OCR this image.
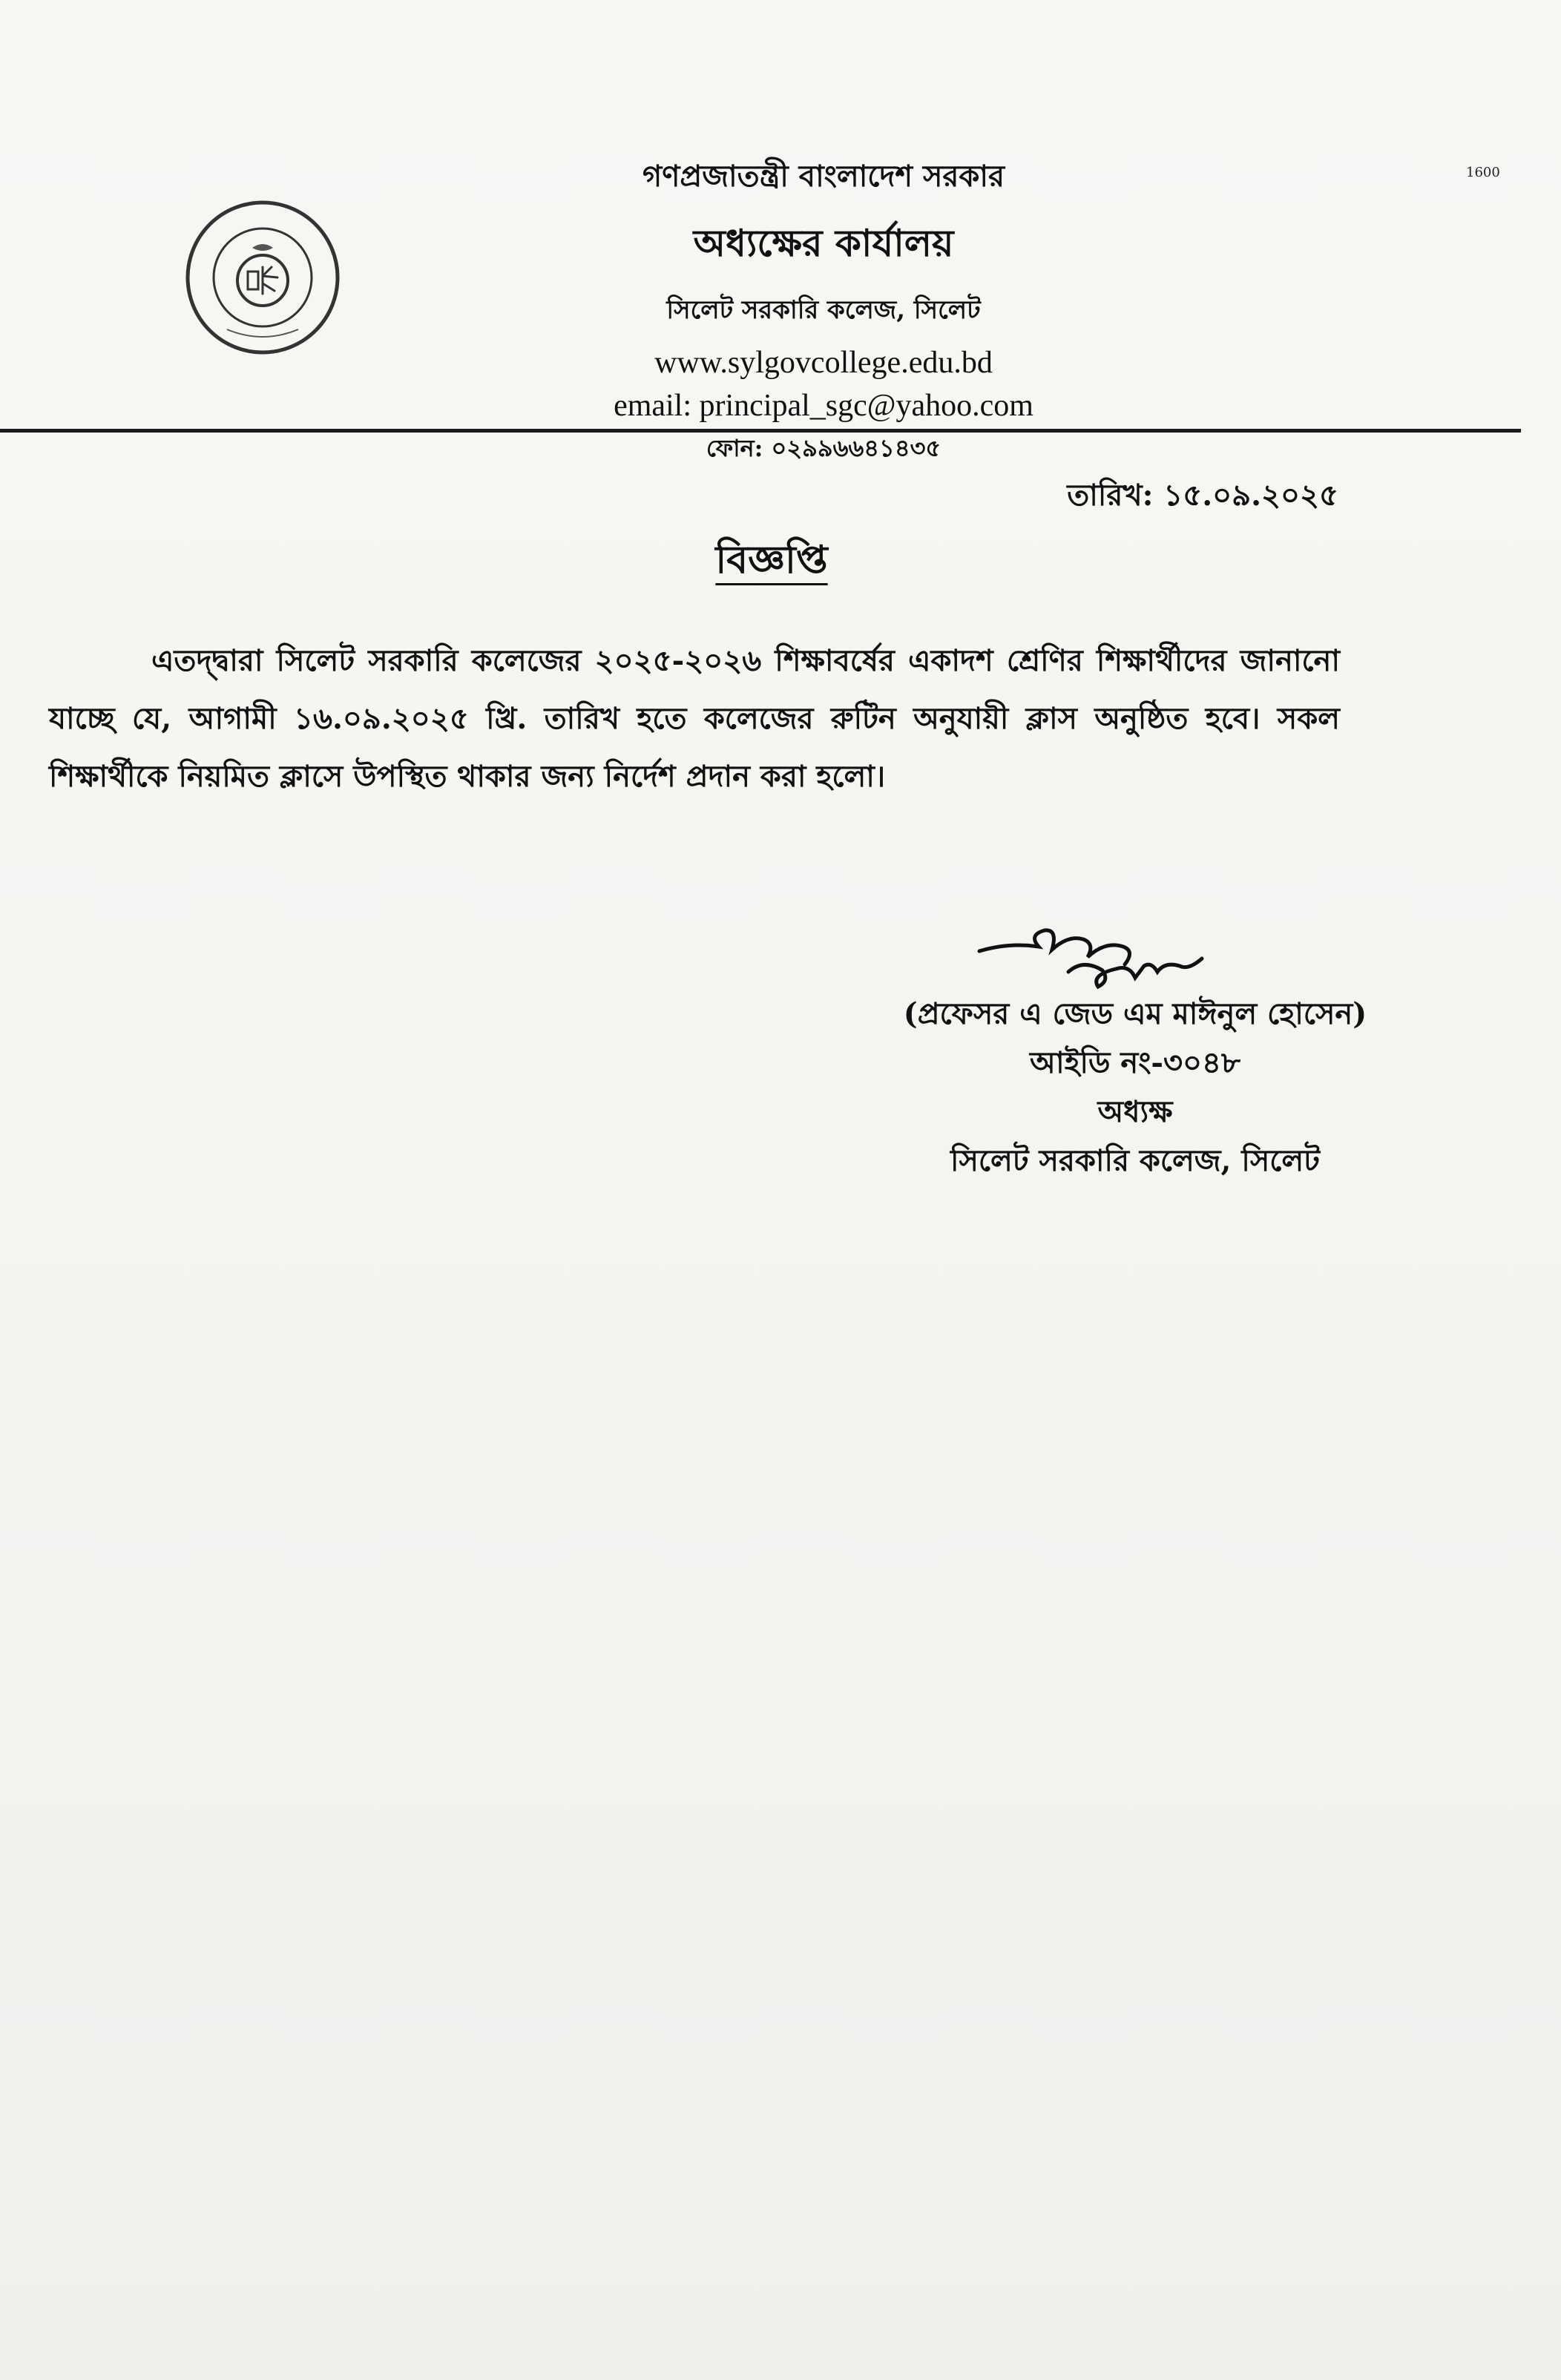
1600
গণপ্রজাতন্ত্রী বাংলাদেশ সরকার
অধ্যক্ষের কার্যালয়
সিলেট সরকারি কলেজ, সিলেট
www.sylgovcollege.edu.bd
email: principal_sgc@yahoo.com
ফোন: ০২৯৯৬৬৪১৪৩৫
তারিখ: ১৫.০৯.২০২৫
বিজ্ঞপ্তি
এতদ্দ্বারা সিলেট সরকারি কলেজের ২০২৫-২০২৬ শিক্ষাবর্ষের একাদশ শ্রেণির শিক্ষার্থীদের জানানো যাচ্ছে যে, আগামী ১৬.০৯.২০২৫ খ্রি. তারিখ হতে কলেজের রুটিন অনুযায়ী ক্লাস অনুষ্ঠিত হবে। সকল শিক্ষার্থীকে নিয়মিত ক্লাসে উপস্থিত থাকার জন্য নির্দেশ প্রদান করা হলো।
(প্রফেসর এ জেড এম মাঈনুল হোসেন)
আইডি নং-৩০৪৮
অধ্যক্ষ
সিলেট সরকারি কলেজ, সিলেট
